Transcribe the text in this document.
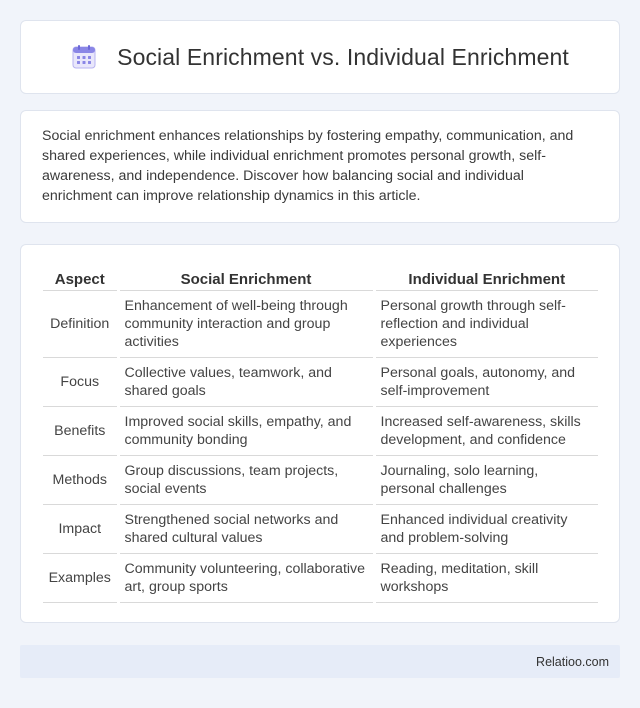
Social Enrichment vs. Individual Enrichment

Social enrichment enhances relationships by fostering empathy, communication, and shared experiences, while individual enrichment promotes personal growth, self-awareness, and independence. Discover how balancing social and individual enrichment can improve relationship dynamics in this article.

Aspect	Social Enrichment	Individual Enrichment
Definition	Enhancement of well-being through community interaction and group activities	Personal growth through self-reflection and individual experiences
Focus	Collective values, teamwork, and shared goals	Personal goals, autonomy, and self-improvement
Benefits	Improved social skills, empathy, and community bonding	Increased self-awareness, skills development, and confidence
Methods	Group discussions, team projects, social events	Journaling, solo learning, personal challenges
Impact	Strengthened social networks and shared cultural values	Enhanced individual creativity and problem-solving
Examples	Community volunteering, collaborative art, group sports	Reading, meditation, skill workshops
Relatioo.com
